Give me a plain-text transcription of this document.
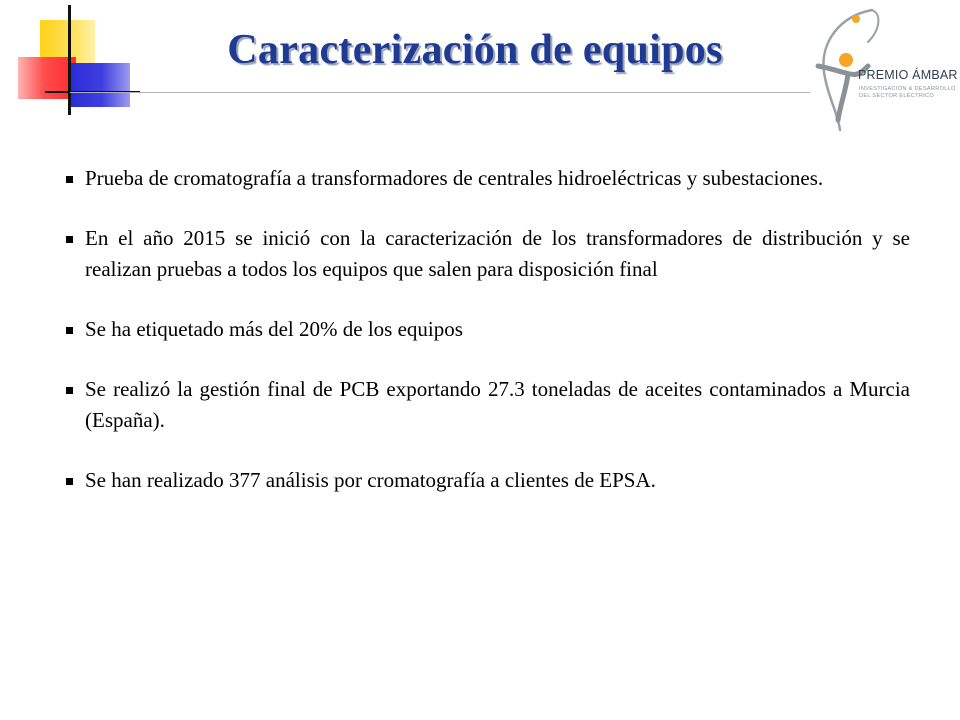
Caracterización de equipos
PREMIO ÁMBAR
INVESTIGACIÓN & DESARROLLO
DEL SECTOR ELÉCTRICO
Prueba de cromatografía a transformadores de centrales hidroeléctricas y subestaciones.
En el año 2015 se inició con la caracterización de los transformadores de distribución y se realizan pruebas a todos los equipos que salen para disposición final
Se ha etiquetado más del 20% de los equipos
Se realizó la gestión final de PCB exportando 27.3 toneladas de aceites contaminados a Murcia (España).
Se han realizado 377 análisis por cromatografía a clientes de EPSA.
